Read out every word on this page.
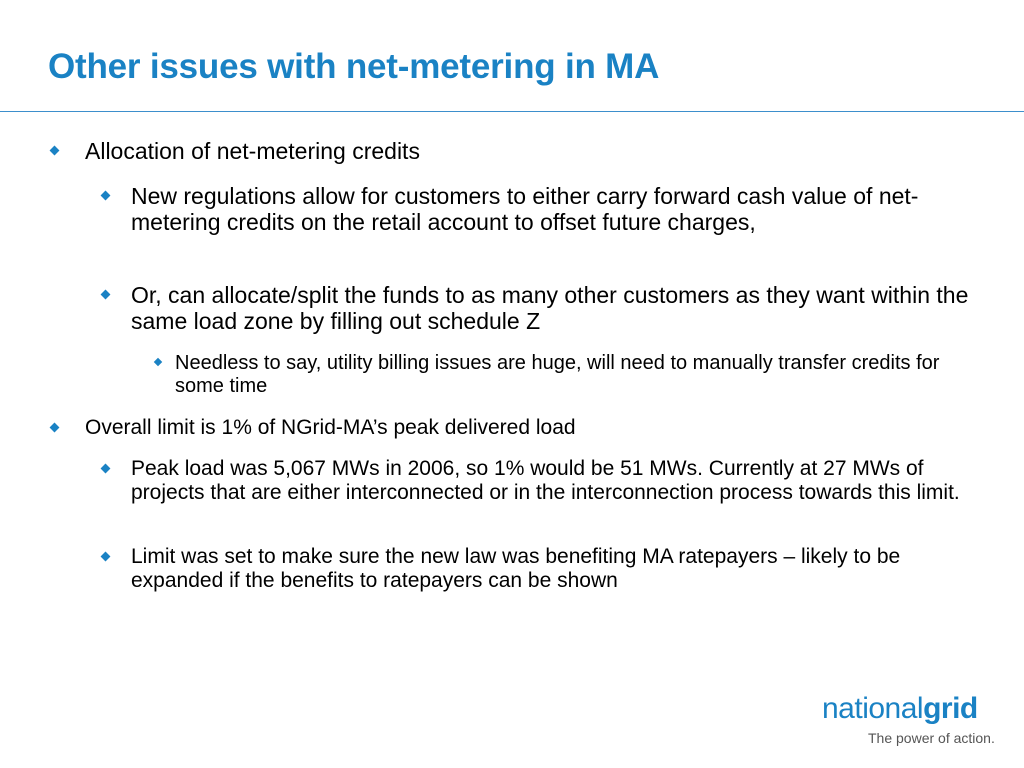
Other issues with net-metering in MA
Allocation of net-metering credits
New regulations allow for customers to either carry forward cash value of net-metering credits on the retail account to offset future charges,
Or, can allocate/split the funds to as many other customers as they want within the same load zone by filling out schedule Z
Needless to say, utility billing issues are huge, will need to manually transfer credits for some time
Overall limit is 1% of NGrid-MA’s peak delivered load
Peak load was 5,067 MWs in 2006, so 1% would be 51 MWs. Currently at 27 MWs of projects that are either interconnected or in the interconnection process towards this limit.
Limit was set to make sure the new law was benefiting MA ratepayers – likely to be expanded if the benefits to ratepayers can be shown
nationalgrid
The power of action.
